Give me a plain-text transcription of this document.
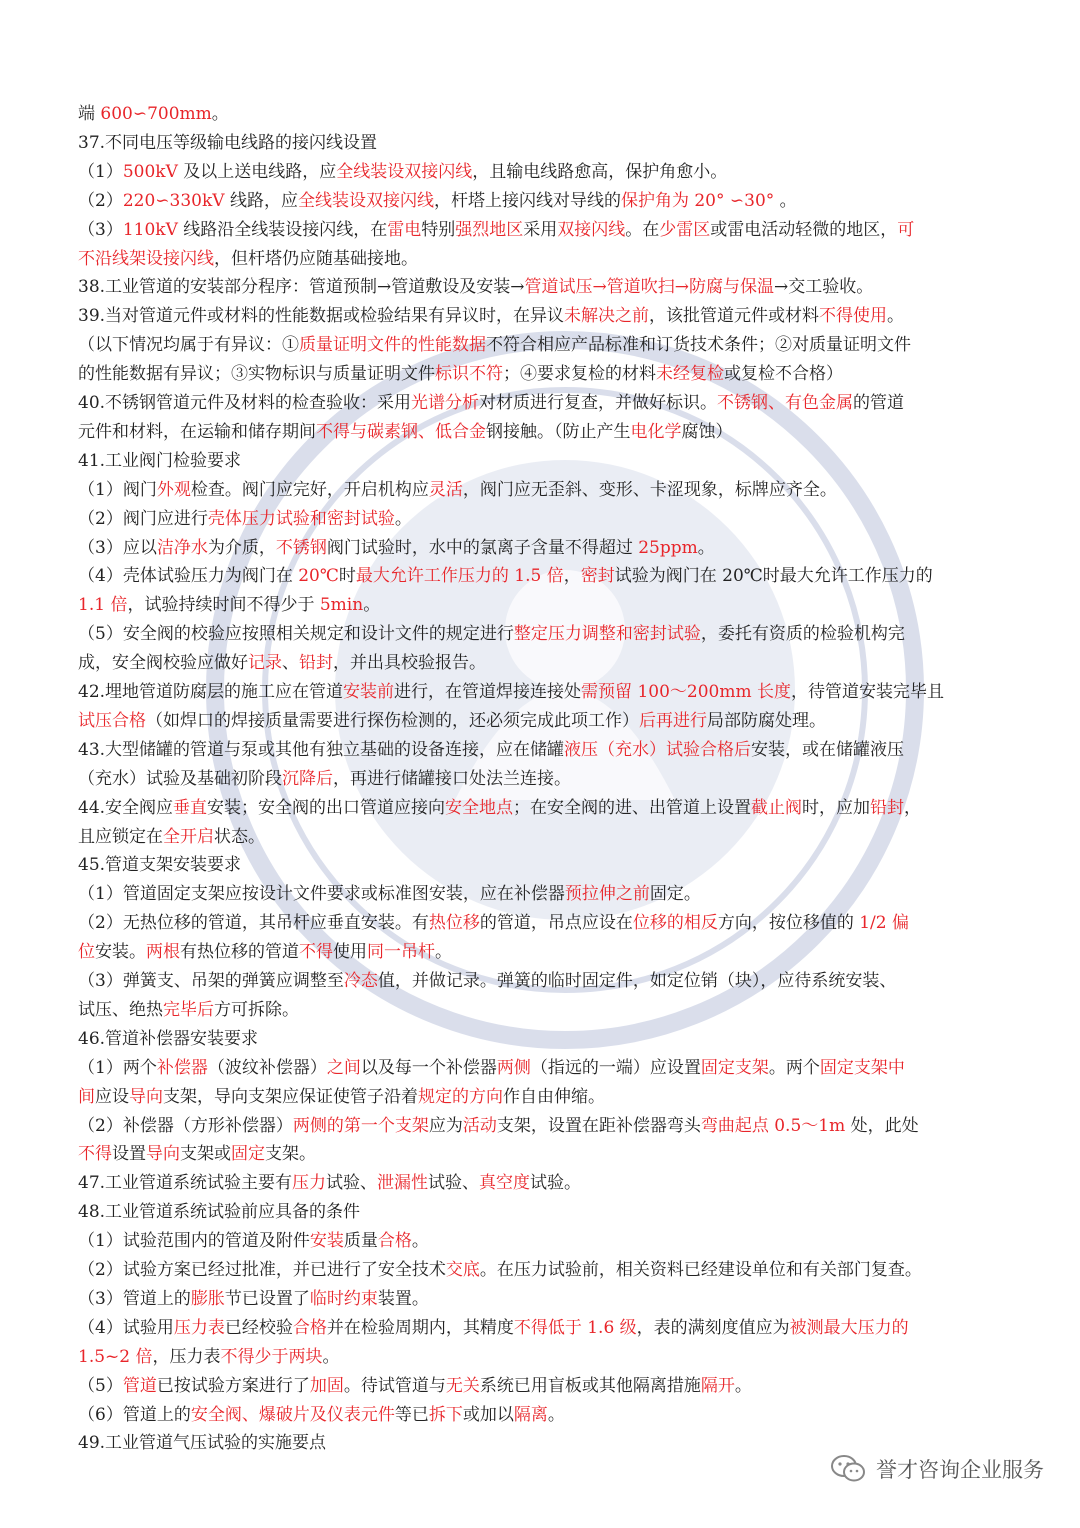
端 600∽700mm。
37.不同电压等级输电线路的接闪线设置
（1）500kV 及以上送电线路，应全线装设双接闪线，且输电线路愈高，保护角愈小。
（2）220∽330kV 线路，应全线装设双接闪线，杆塔上接闪线对导线的保护角为 20° ∽30° 。
（3）110kV 线路沿全线装设接闪线，在雷电特别强烈地区采用双接闪线。在少雷区或雷电活动轻微的地区，可
不沿线架设接闪线，但杆塔仍应随基础接地。
38.工业管道的安装部分程序：管道预制→管道敷设及安装→管道试压→管道吹扫→防腐与保温→交工验收。
39.当对管道元件或材料的性能数据或检验结果有异议时，在异议未解决之前，该批管道元件或材料不得使用。
（以下情况均属于有异议：①质量证明文件的性能数据不符合相应产品标准和订货技术条件；②对质量证明文件
的性能数据有异议；③实物标识与质量证明文件标识不符；④要求复检的材料未经复检或复检不合格）
40.不锈钢管道元件及材料的检查验收：采用光谱分析对材质进行复查，并做好标识。不锈钢、有色金属的管道
元件和材料，在运输和储存期间不得与碳素钢、低合金钢接触。（防止产生电化学腐蚀）
41.工业阀门检验要求
（1）阀门外观检查。阀门应完好，开启机构应灵活，阀门应无歪斜、变形、卡涩现象，标牌应齐全。
（2）阀门应进行壳体压力试验和密封试验。
（3）应以洁净水为介质，不锈钢阀门试验时，水中的氯离子含量不得超过 25ppm。
（4）壳体试验压力为阀门在 20℃时最大允许工作压力的 1.5 倍，密封试验为阀门在 20℃时最大允许工作压力的
1.1 倍，试验持续时间不得少于 5min。
（5）安全阀的校验应按照相关规定和设计文件的规定进行整定压力调整和密封试验，委托有资质的检验机构完
成，安全阀校验应做好记录、铅封，并出具校验报告。
42.埋地管道防腐层的施工应在管道安装前进行，在管道焊接连接处需预留 100～200mm 长度，待管道安装完毕且
试压合格（如焊口的焊接质量需要进行探伤检测的，还必须完成此项工作）后再进行局部防腐处理。
43.大型储罐的管道与泵或其他有独立基础的设备连接，应在储罐液压（充水）试验合格后安装，或在储罐液压
（充水）试验及基础初阶段沉降后，再进行储罐接口处法兰连接。
44.安全阀应垂直安装；安全阀的出口管道应接向安全地点；在安全阀的进、出管道上设置截止阀时，应加铅封，
且应锁定在全开启状态。
45.管道支架安装要求
（1）管道固定支架应按设计文件要求或标准图安装，应在补偿器预拉伸之前固定。
（2）无热位移的管道，其吊杆应垂直安装。有热位移的管道，吊点应设在位移的相反方向，按位移值的 1/2 偏
位安装。两根有热位移的管道不得使用同一吊杆。
（3）弹簧支、吊架的弹簧应调整至冷态值，并做记录。弹簧的临时固定件，如定位销（块），应待系统安装、
试压、绝热完毕后方可拆除。
46.管道补偿器安装要求
（1）两个补偿器（波纹补偿器）之间以及每一个补偿器两侧（指远的一端）应设置固定支架。两个固定支架中
间应设导向支架，导向支架应保证使管子沿着规定的方向作自由伸缩。
（2）补偿器（方形补偿器）两侧的第一个支架应为活动支架，设置在距补偿器弯头弯曲起点 0.5～1m 处，此处
不得设置导向支架或固定支架。
47.工业管道系统试验主要有压力试验、泄漏性试验、真空度试验。
48.工业管道系统试验前应具备的条件
（1）试验范围内的管道及附件安装质量合格。
（2）试验方案已经过批准，并已进行了安全技术交底。在压力试验前，相关资料已经建设单位和有关部门复查。
（3）管道上的膨胀节已设置了临时约束装置。
（4）试验用压力表已经校验合格并在检验周期内，其精度不得低于 1.6 级，表的满刻度值应为被测最大压力的
1.5~2 倍，压力表不得少于两块。
（5）管道已按试验方案进行了加固。待试管道与无关系统已用盲板或其他隔离措施隔开。
（6）管道上的安全阀、爆破片及仪表元件等已拆下或加以隔离。
49.工业管道气压试验的实施要点
誉才咨询企业服务
